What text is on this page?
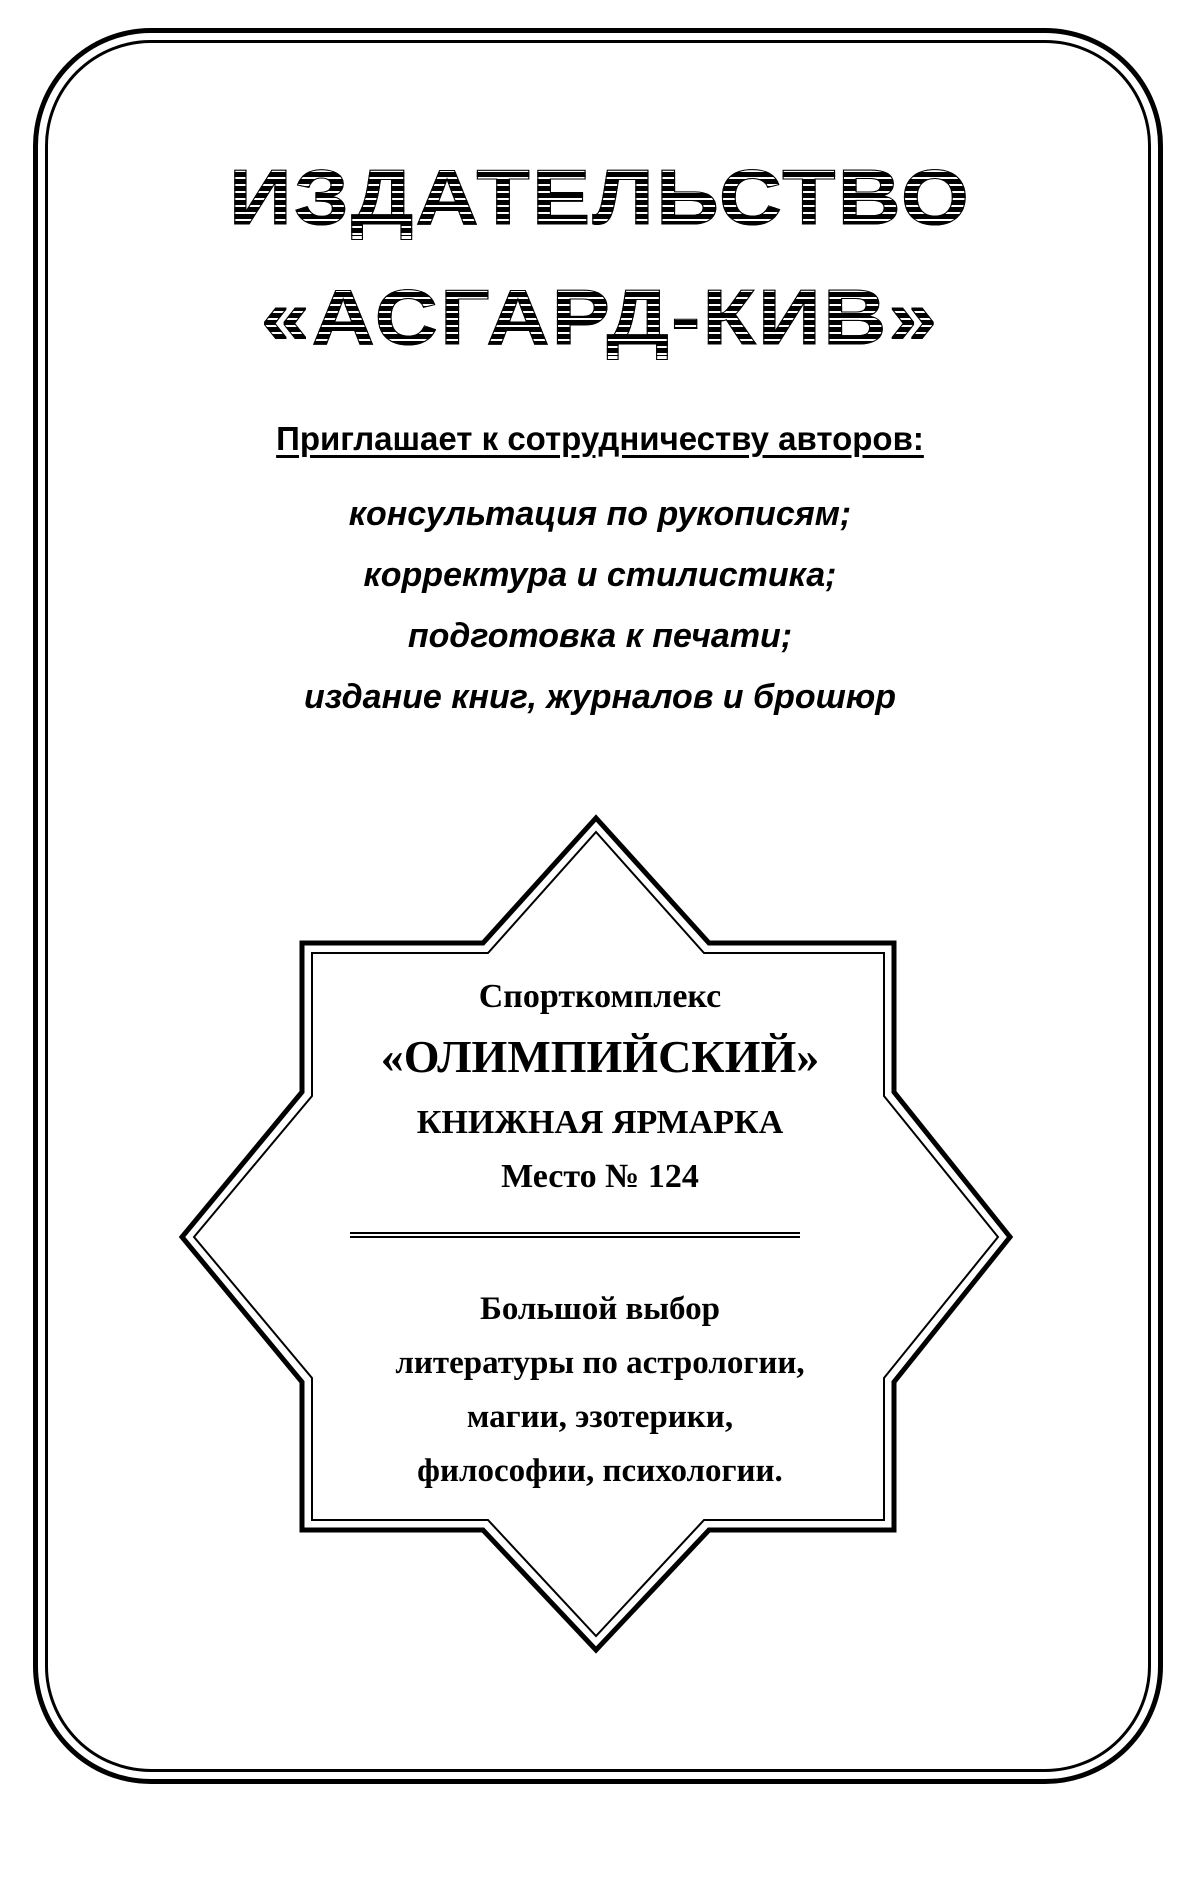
ИЗДАТЕЛЬСТВО
«АСГАРД-КИВ»
Приглашает к сотрудничеству авторов:
консультация по рукописям;
корректура и стилистика;
подготовка к печати;
издание книг, журналов и брошюр
Спорткомплекс
«ОЛИМПИЙСКИЙ»
КНИЖНАЯ ЯРМАРКА
Место № 124
Большой выбор
литературы по астрологии,
магии, эзотерики,
философии, психологии.
